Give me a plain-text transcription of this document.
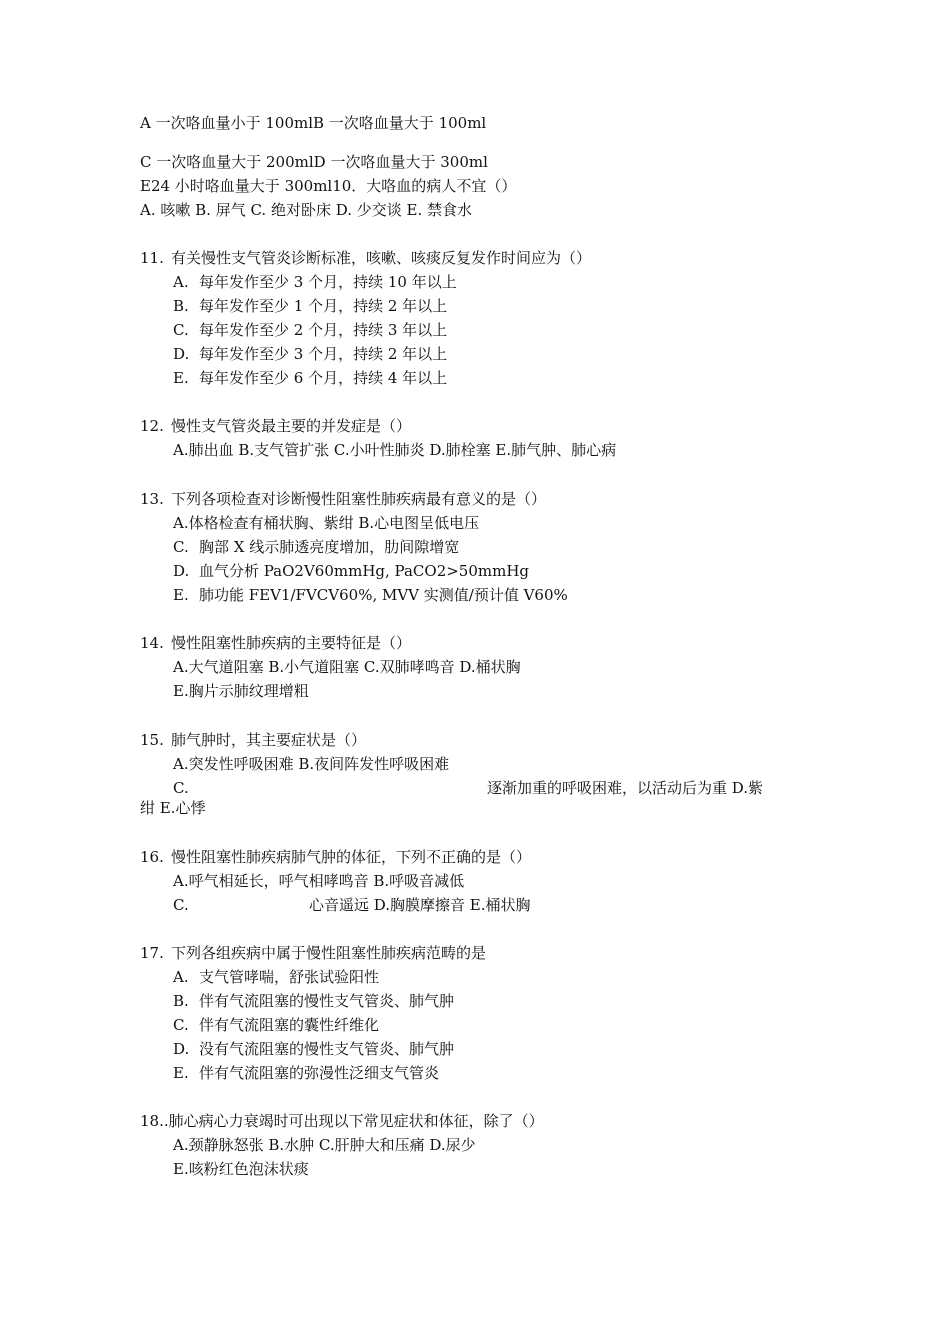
A 一次咯血量小于 100mlB 一次咯血量大于 100ml
C 一次咯血量大于 200mlD 一次咯血量大于 300ml
E24 小时咯血量大于 300ml10．大咯血的病人不宜（）
A. 咳嗽 B. 屏气 C. 绝对卧床 D. 少交谈 E. 禁食水
11. 有关慢性支气管炎诊断标准，咳嗽、咳痰反复发作时间应为（）
A. 每年发作至少 3 个月，持续 10 年以上
B. 每年发作至少 1 个月，持续 2 年以上
C. 每年发作至少 2 个月，持续 3 年以上
D. 每年发作至少 3 个月，持续 2 年以上
E. 每年发作至少 6 个月，持续 4 年以上
12. 慢性支气管炎最主要的并发症是（）
A.肺出血 B.支气管扩张 C.小叶性肺炎 D.肺栓塞 E.肺气肿、肺心病
13. 下列各项检查对诊断慢性阻塞性肺疾病最有意义的是（）
A.体格检查有桶状胸、紫绀 B.心电图呈低电压
C. 胸部 X 线示肺透亮度增加，肋间隙增宽
D. 血气分析 PaO2V60mmHg, PaCO2>50mmHg
E. 肺功能 FEV1/FVCV60%, MVV 实测值/预计值 V60%
14. 慢性阻塞性肺疾病的主要特征是（）
A.大气道阻塞 B.小气道阻塞 C.双肺哮鸣音 D.桶状胸
E.胸片示肺纹理增粗
15. 肺气肿时，其主要症状是（）
A.突发性呼吸困难 B.夜间阵发性呼吸困难
C.	逐渐加重的呼吸困难，以活动后为重 D.紫
绀 E.心悸
16. 慢性阻塞性肺疾病肺气肿的体征，下列不正确的是（）
A.呼气相延长，呼气相哮鸣音 B.呼吸音减低
C.	心音遥远 D.胸膜摩擦音 E.桶状胸
17. 下列各组疾病中属于慢性阻塞性肺疾病范畴的是
A. 支气管哮喘，舒张试验阳性
B. 伴有气流阻塞的慢性支气管炎、肺气肿
C. 伴有气流阻塞的囊性纤维化
D. 没有气流阻塞的慢性支气管炎、肺气肿
E. 伴有气流阻塞的弥漫性泛细支气管炎
18..肺心病心力衰竭时可出现以下常见症状和体征，除了（）
A.颈静脉怒张 B.水肿 C.肝肿大和压痛 D.尿少
E.咳粉红色泡沫状痰
